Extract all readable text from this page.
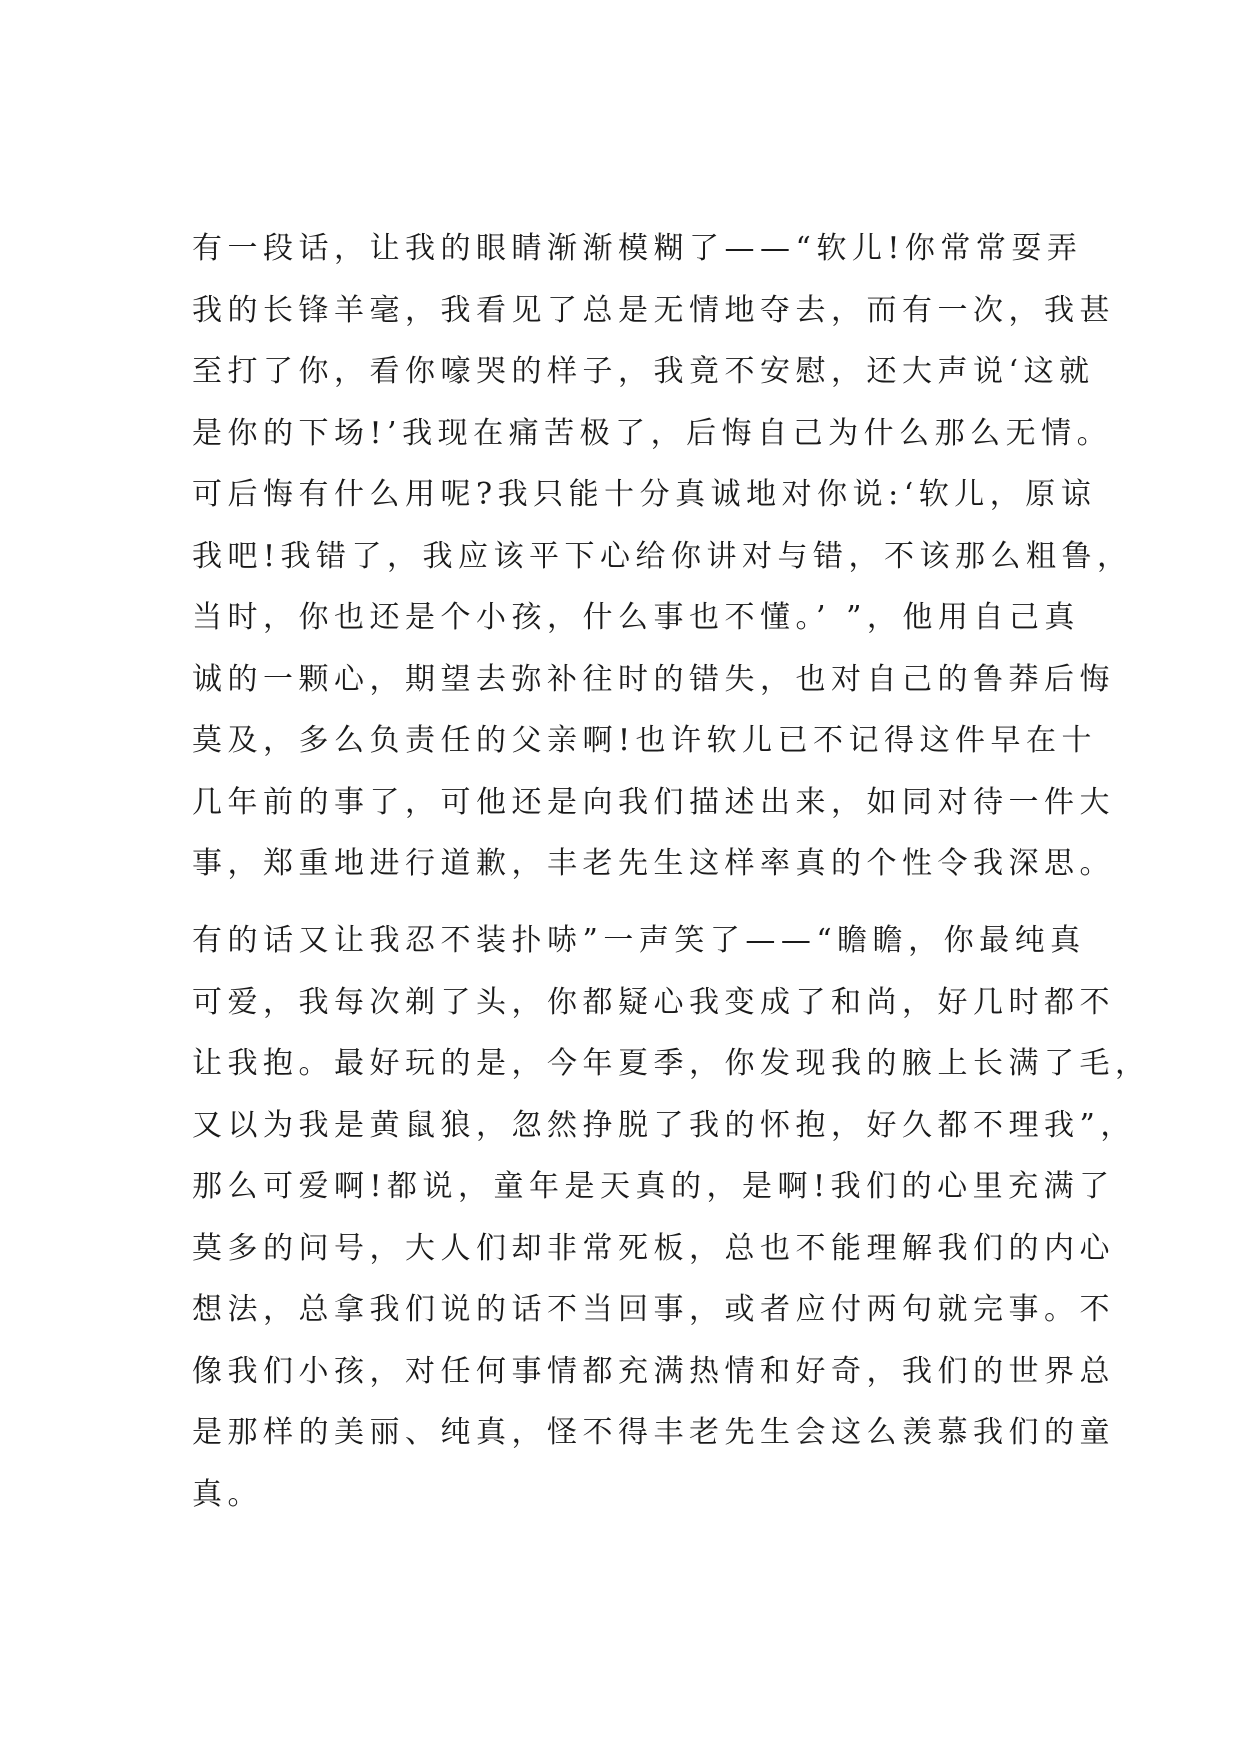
有一段话，让我的眼睛渐渐模糊了——“软儿!你常常耍弄
我的长锋羊毫，我看见了总是无情地夺去，而有一次，我甚
至打了你，看你嚎哭的样子，我竟不安慰，还大声说‘这就
是你的下场!’我现在痛苦极了，后悔自己为什么那么无情。
可后悔有什么用呢?我只能十分真诚地对你说:‘软儿，原谅
我吧!我错了，我应该平下心给你讲对与错，不该那么粗鲁，
当时，你也还是个小孩，什么事也不懂。’ ”，他用自己真
诚的一颗心，期望去弥补往时的错失，也对自己的鲁莽后悔
莫及，多么负责任的父亲啊!也许软儿已不记得这件早在十
几年前的事了，可他还是向我们描述出来，如同对待一件大
事，郑重地进行道歉，丰老先生这样率真的个性令我深思。
有的话又让我忍不装扑哧”一声笑了——“瞻瞻，你最纯真
可爱，我每次剃了头，你都疑心我变成了和尚，好几时都不
让我抱。最好玩的是，今年夏季，你发现我的腋上长满了毛，
又以为我是黄鼠狼，忽然挣脱了我的怀抱，好久都不理我”，
那么可爱啊!都说，童年是天真的，是啊!我们的心里充满了
莫多的问号，大人们却非常死板，总也不能理解我们的内心
想法，总拿我们说的话不当回事，或者应付两句就完事。不
像我们小孩，对任何事情都充满热情和好奇，我们的世界总
是那样的美丽、纯真，怪不得丰老先生会这么羡慕我们的童
真。
